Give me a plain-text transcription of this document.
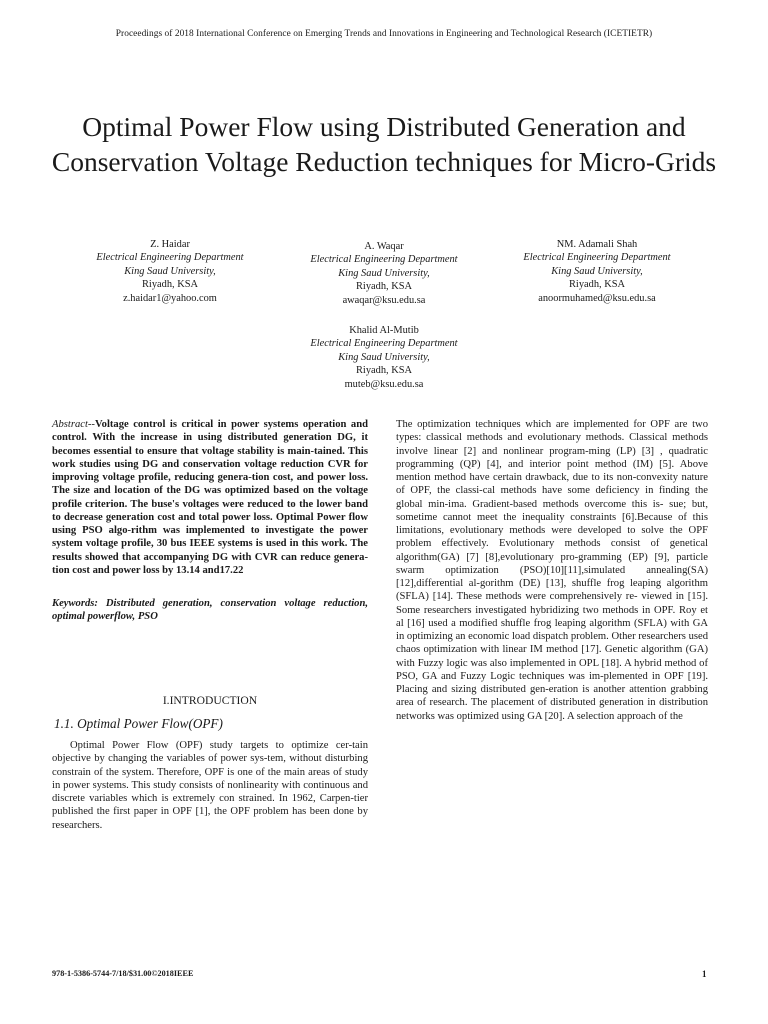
Proceedings of 2018 International Conference on Emerging Trends and Innovations in Engineering and Technological Research (ICETIETR)
Optimal Power Flow using Distributed Generation and Conservation Voltage Reduction techniques for Micro-Grids
Z. Haidar
Electrical Engineering Department
King Saud University,
Riyadh, KSA
z.haidar1@yahoo.com
A. Waqar
Electrical Engineering Department
King Saud University,
Riyadh, KSA
awaqar@ksu.edu.sa
NM. Adamali Shah
Electrical Engineering Department
King Saud University,
Riyadh, KSA
anoormuhamed@ksu.edu.sa
Khalid Al-Mutib
Electrical Engineering Department
King Saud University,
Riyadh, KSA
muteb@ksu.edu.sa
Abstract--Voltage control is critical in power systems operation and control. With the increase in using distributed generation DG, it becomes essential to ensure that voltage stability is main-tained. This work studies using DG and conservation voltage reduction CVR for improving voltage profile, reducing genera-tion cost, and power loss. The size and location of the DG was optimized based on the voltage profile criterion. The buse's voltages were reduced to the lower band to decrease generation cost and total power loss. Optimal Power flow using PSO algo-rithm was implemented to investigate the power system voltage profile, 30 bus IEEE systems is used in this work. The results showed that accompanying DG with CVR can reduce genera-tion cost and power loss by 13.14 and17.22
Keywords: Distributed generation, conservation voltage reduction, optimal powerflow, PSO
I.INTRODUCTION
1.1. Optimal Power Flow(OPF)
Optimal Power Flow (OPF) study targets to optimize cer-tain objective by changing the variables of power sys-tem, without disturbing constrain of the system. Therefore, OPF is one of the main areas of study in power systems. This study consists of nonlinearity with continuous and discrete variables which is extremely con strained. In 1962, Carpen-tier published the first paper in OPF [1], the OPF problem has been done by researchers.
The optimization techniques which are implemented for OPF are two types: classical methods and evolutionary methods. Classical methods involve linear [2] and nonlinear program-ming (LP) [3] , quadratic programming (QP) [4], and interior point method (IM) [5]. Above mention method have certain drawback, due to its non-convexity nature of OPF, the classi-cal methods have some deficiency in finding the global min-ima. Gradient-based methods overcome this is- sue; but, sometime cannot meet the inequality constraints [6].Because of this limitations, evolutionary methods were developed to solve the OPF problem effectively. Evolutionary methods consist of genetical algorithm(GA) [7] [8],evolutionary pro-gramming (EP) [9], particle swarm optimization (PSO)[10][11],simulated annealing(SA)[12],differential al-gorithm (DE) [13], shuffle frog leaping algorithm (SFLA) [14]. These methods were comprehensively re- viewed in [15]. Some researchers investigated hybridizing two methods in OPF. Roy et al [16] used a modified shuffle frog leaping algorithm (SFLA) with GA in optimizing an economic load dispatch problem. Other researchers used chaos optimization with linear IM method [17]. Genetic algorithm (GA) with Fuzzy logic was also implemented in OPL [18]. A hybrid method of PSO, GA and Fuzzy Logic techniques was im-plemented in OPF [19]. Placing and sizing distributed gen-eration is another attention grabbing area of research. The placement of distributed generation in distribution networks was optimized using GA [20]. A selection approach of the
978-1-5386-5744-7/18/$31.00©2018IEEE	1
